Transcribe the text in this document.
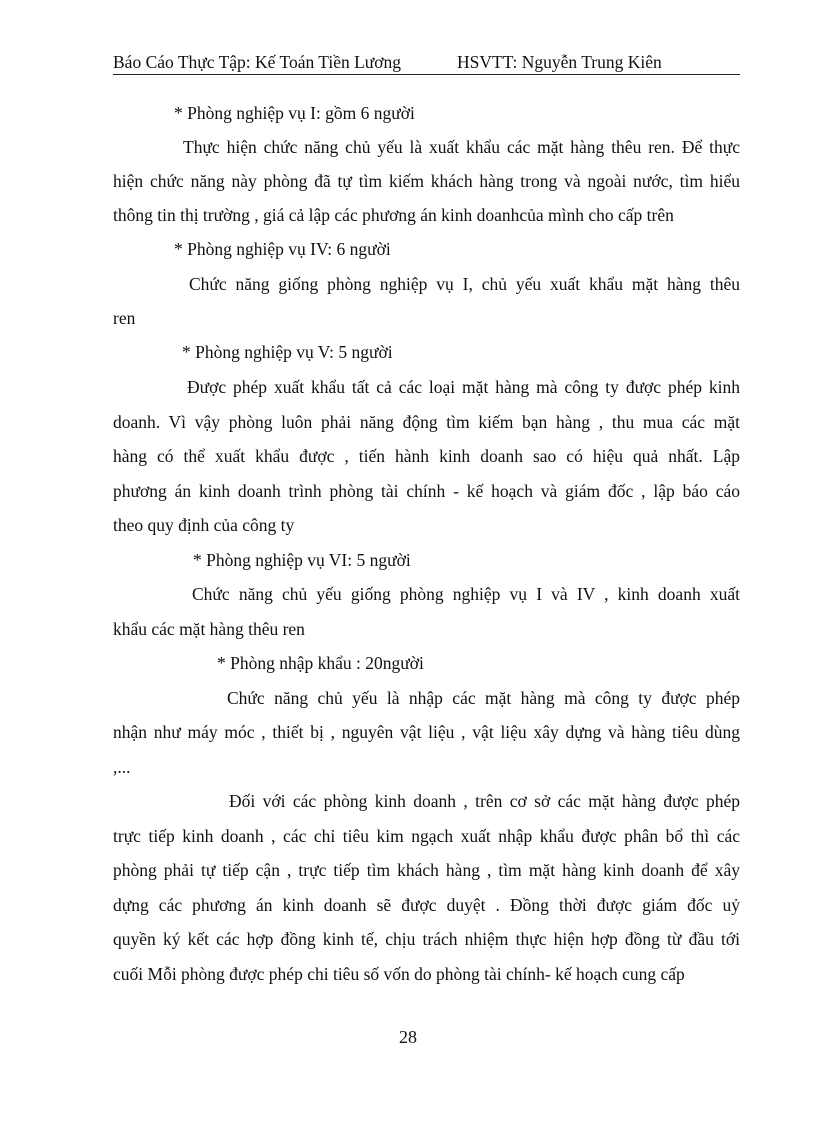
Báo Cáo Thực Tập: Kế Toán Tiền Lương	HSVTT: Nguyễn Trung Kiên
* Phòng nghiệp vụ I: gồm 6 người
Thực hiện chức năng chủ yếu là xuất khẩu các mặt hàng thêu ren. Để thực
hiện chức năng này phòng đã tự tìm kiếm khách hàng trong và ngoài nước, tìm hiểu
thông tin thị trường , giá cả lập các phương án kinh doanhcủa mình cho cấp trên
* Phòng nghiệp vụ IV: 6 người
Chức năng giống phòng nghiệp vụ I, chủ yếu xuất khẩu mặt hàng thêu
ren
* Phòng nghiệp vụ V: 5 người
Được phép xuất khẩu tất cả các loại mặt hàng mà công ty được phép kinh
doanh. Vì vậy phòng luôn phải năng động tìm kiếm bạn hàng , thu mua các mặt
hàng có thể xuất khẩu được , tiến hành kinh doanh sao có hiệu quả nhất. Lập
phương án kinh doanh trình phòng tài chính - kế hoạch và giám đốc , lập báo cáo
theo quy định của công ty
* Phòng nghiệp vụ VI: 5 người
Chức năng chủ yếu giống phòng nghiệp vụ I và IV , kinh doanh xuất
khẩu các mặt hàng thêu ren
* Phòng nhập khẩu : 20người
Chức năng chủ yếu là nhập các mặt hàng mà công ty được phép
nhận như máy móc , thiết bị , nguyên vật liệu , vật liệu xây dựng và hàng tiêu dùng
,...
Đối với các phòng kinh doanh , trên cơ sở các mặt hàng được phép
trực tiếp kinh doanh , các chỉ tiêu kim ngạch xuất nhập khẩu được phân bổ thì các
phòng phải tự tiếp cận , trực tiếp tìm khách hàng , tìm mặt hàng kinh doanh để xây
dựng các phương án kinh doanh sẽ được duyệt . Đồng thời được giám đốc uỷ
quyền ký kết các hợp đồng kinh tế, chịu trách nhiệm thực hiện hợp đồng từ đầu tới
cuối Mỗi phòng được phép chi tiêu số vốn do phòng tài chính- kế hoạch cung cấp
28
